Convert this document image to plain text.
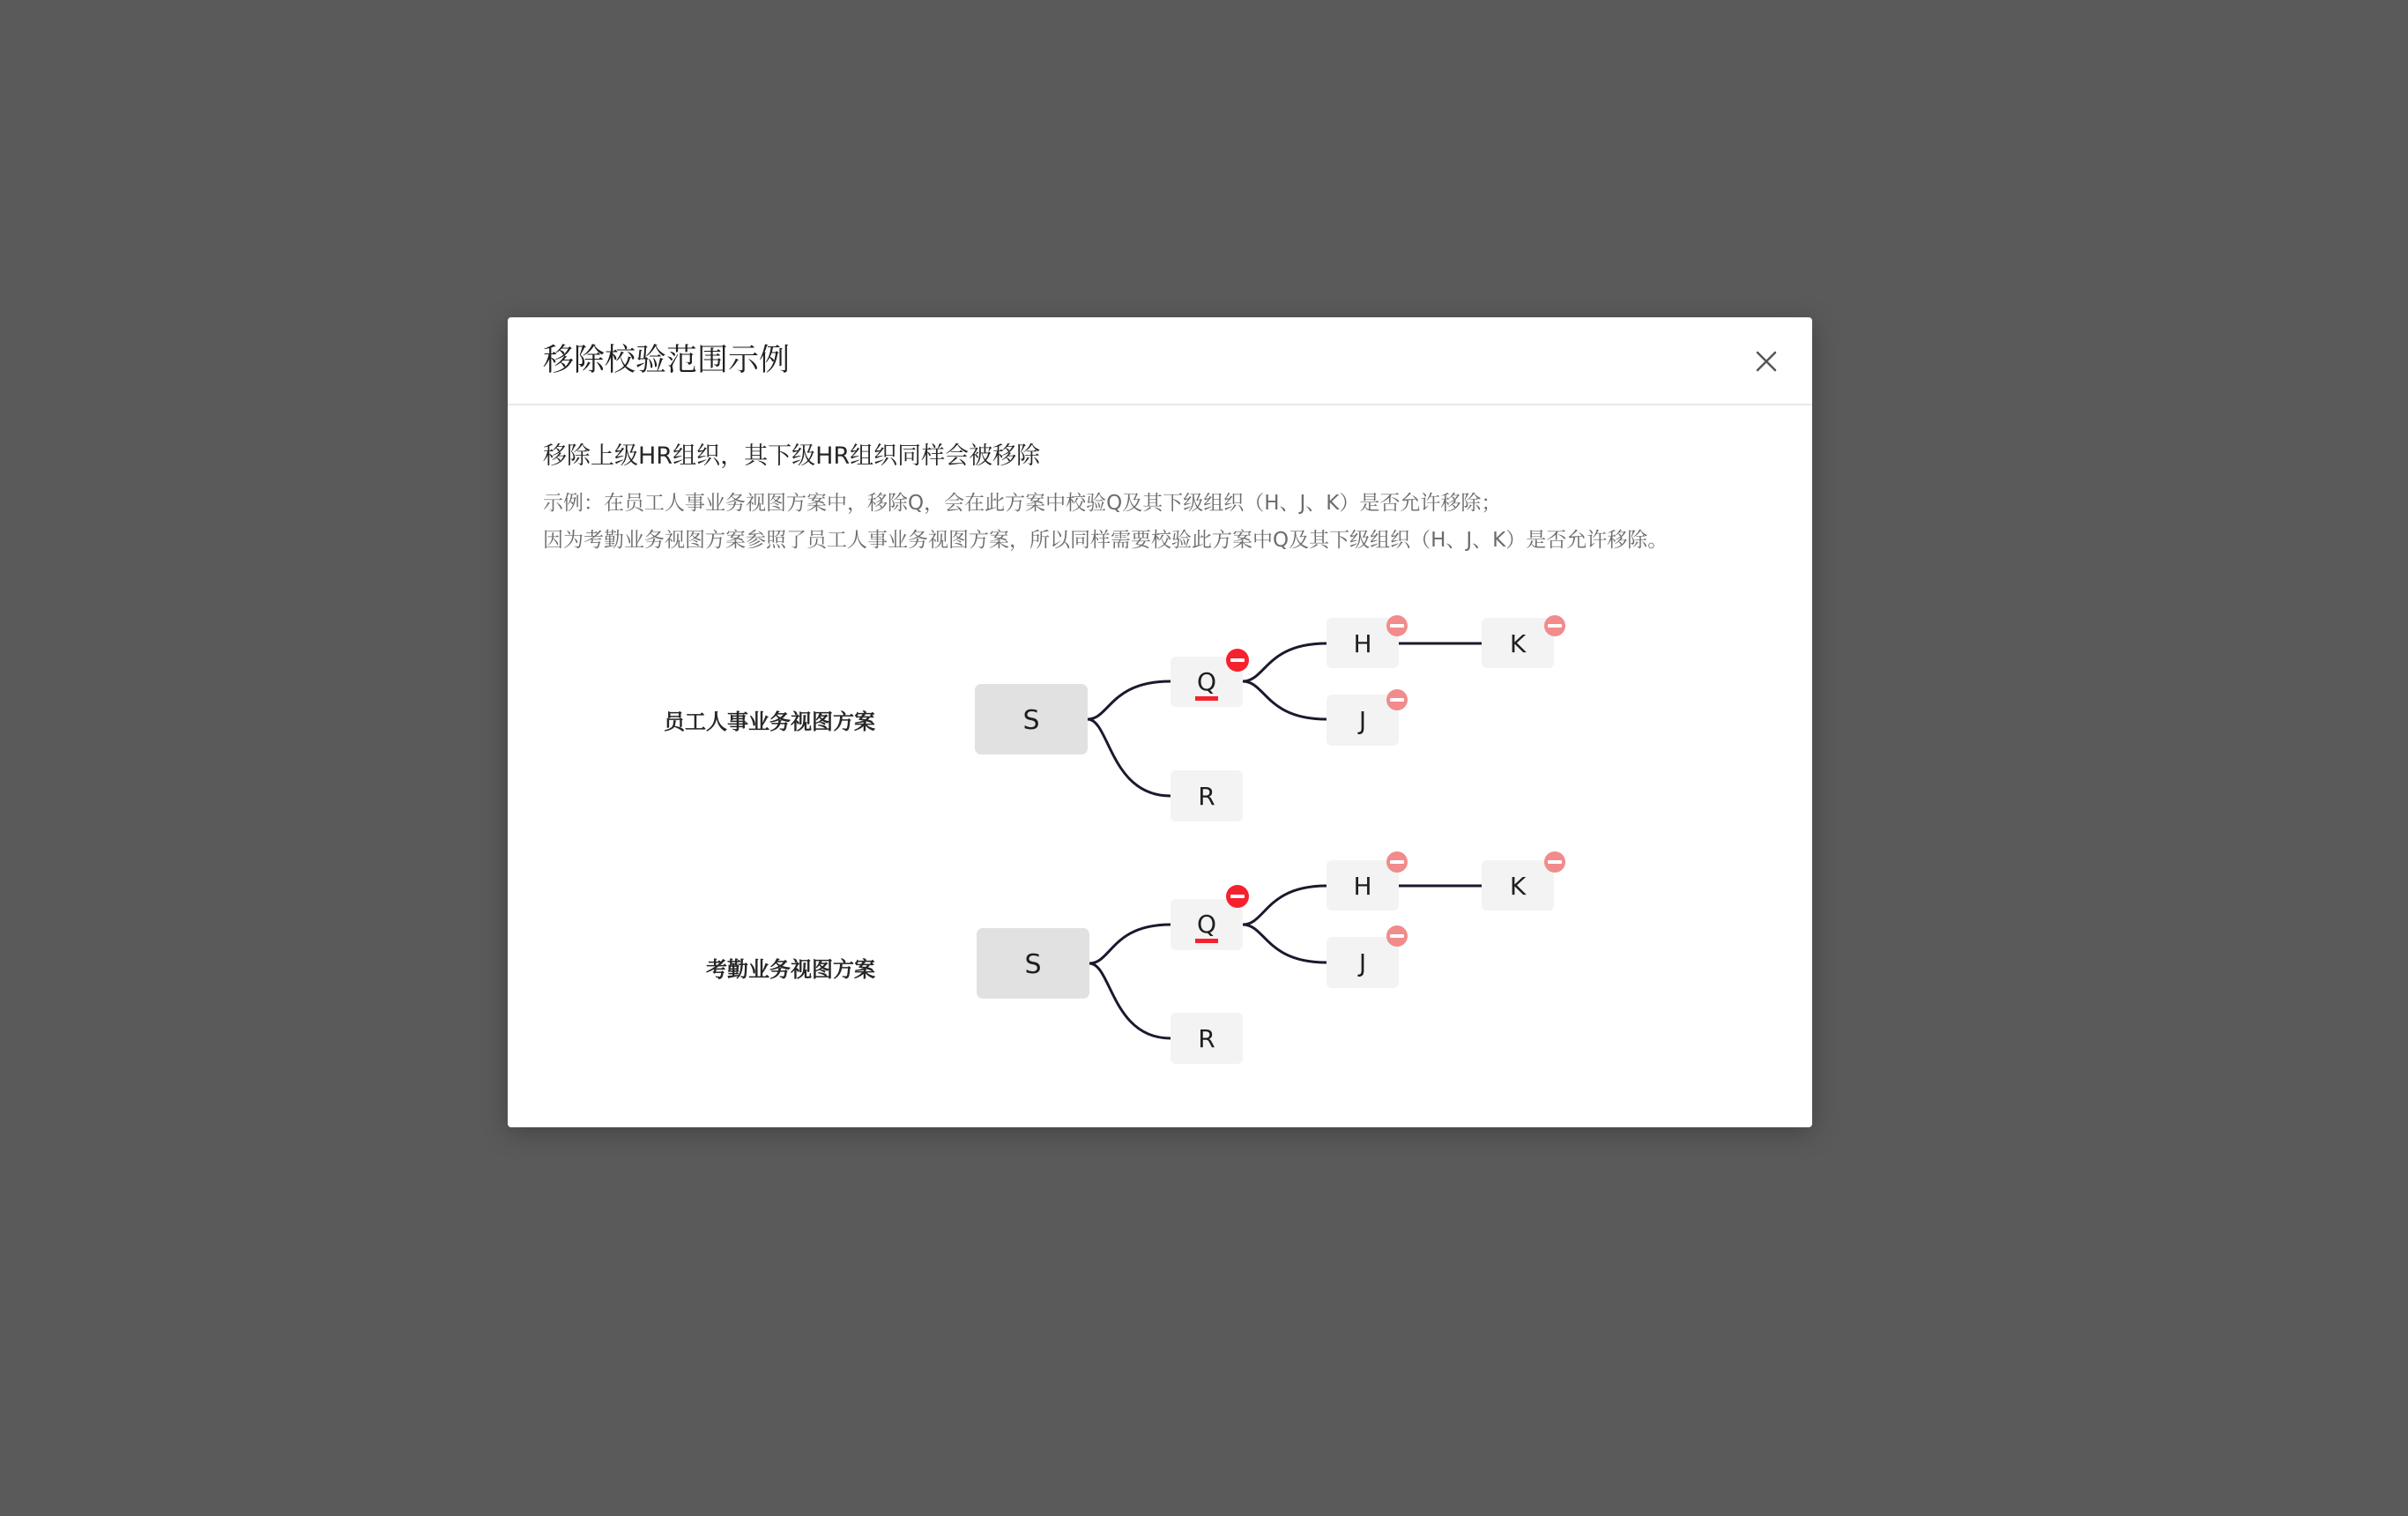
移除校验范围示例
移除上级HR组织，其下级HR组织同样会被移除
示例：在员工人事业务视图方案中，移除Q，会在此方案中校验Q及其下级组织（H、J、K）是否允许移除；
因为考勤业务视图方案参照了员工人事业务视图方案，所以同样需要校验此方案中Q及其下级组织（H、J、K）是否允许移除。
员工人事业务视图方案	S
Q
R
H
J
K
考勤业务视图方案	S
Q
R
H
J
K
